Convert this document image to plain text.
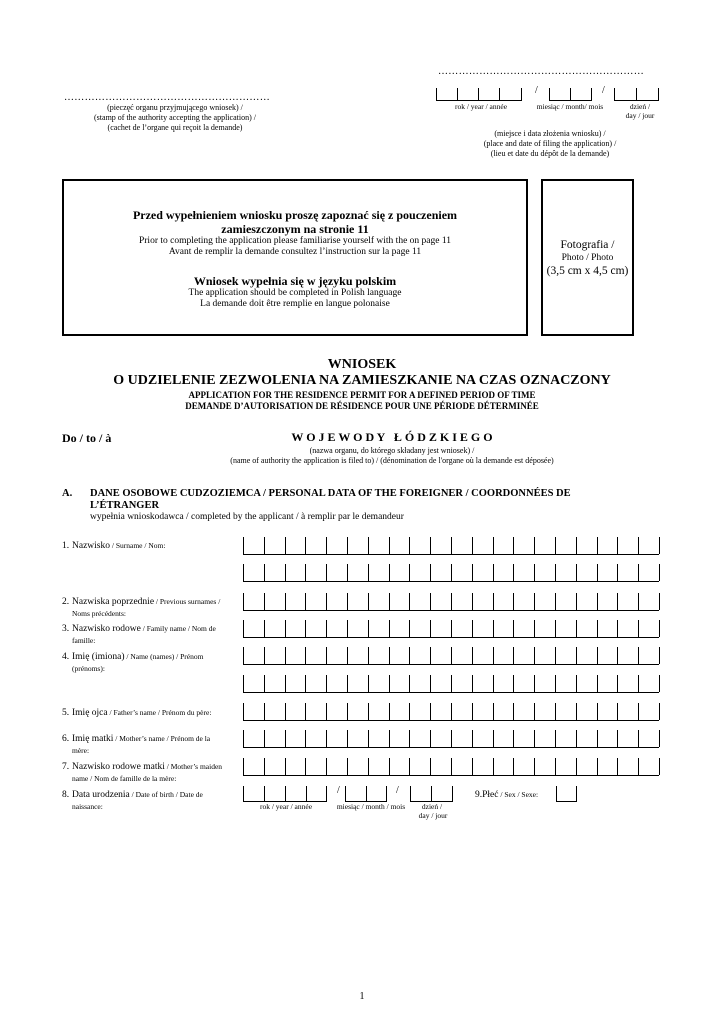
……………………………………………………
(pieczęć organu przyjmującego wniosek) /
(stamp of the authority accepting the application) /
(cachet de l’organe qui reçoit la demande)
……………………………………………………
/	/
rok / year / année	miesiąc / month/ mois	dzień /
day / jour
(miejsce i data złożenia wniosku) /
(place and date of filing the application) /
(lieu et date du dépôt de la demande)
Przed wypełnieniem wniosku proszę zapoznać się z pouczeniem
zamieszczonym na stronie 11
Prior to completing the application please familiarise yourself with the on page 11
Avant de remplir la demande consultez l’instruction sur la page 11
Wniosek wypełnia się w języku polskim
The application should be completed in Polish language
La demande doit être remplie en langue polonaise
Fotografia /
Photo / Photo
(3,5 cm x 4,5 cm)
WNIOSEK
O UDZIELENIE ZEZWOLENIA NA ZAMIESZKANIE NA CZAS OZNACZONY
APPLICATION FOR THE RESIDENCE PERMIT FOR A DEFINED PERIOD OF TIME
DEMANDE D’AUTORISATION DE RÉSIDENCE POUR UNE PÉRIODE DÉTERMINÉE
Do / to / à	W O J E W O D Y   Ł Ó D Z K I E G O
(nazwa organu, do którego składany jest wniosek) /
(name of authority the application is filed to) / (dénomination de l'organe où la demande est déposée)
A. DANE OSOBOWE CUDZOZIEMCA / PERSONAL DATA OF THE FOREIGNER / COORDONNÉES DE
L’ÉTRANGER
wypełnia wnioskodawca / completed by the applicant / à remplir par le demandeur
1. Nazwisko / Surname / Nom:
2. Nazwiska poprzednie / Previous surnames /
Noms précédents:
3. Nazwisko rodowe / Family name / Nom de
famille:
4. Imię (imiona) / Name (names) / Prénom
(prénoms):
5. Imię ojca / Father’s name / Prénom du père:
6. Imię matki / Mother’s name / Prénom de la
mère:
7. Nazwisko rodowe matki / Mother’s maiden
name / Nom de famille de la mère:
8. Data urodzenia / Date of birth / Date de
naissance:
/	/
rok / year / année	miesiąc / month / mois	dzień /
day / jour
9.Płeć / Sex / Sexe:
1
